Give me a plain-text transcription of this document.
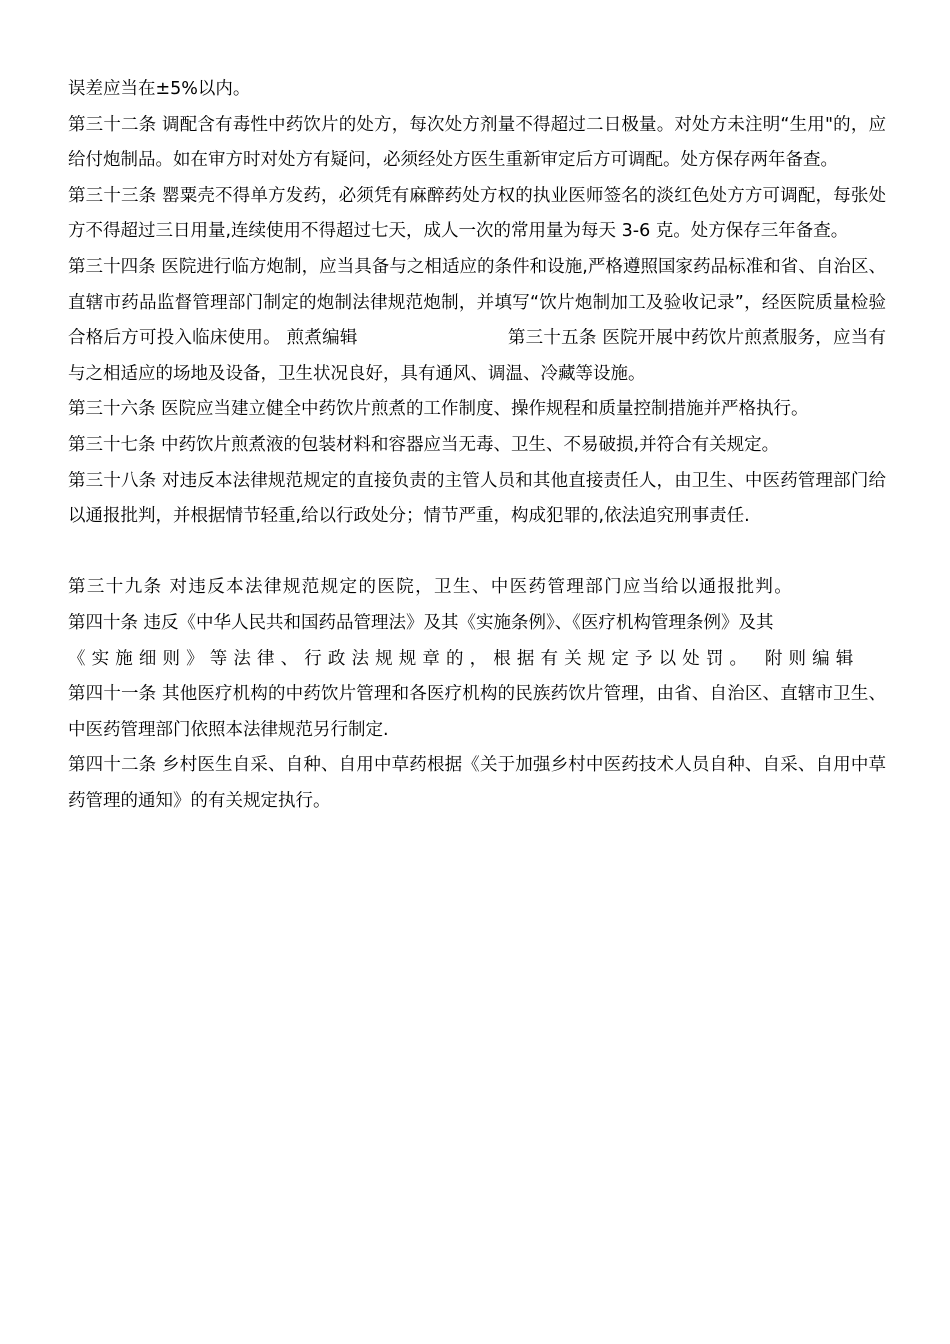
误差应当在±5%以内。

第三十二条 调配含有毒性中药饮片的处方，每次处方剂量不得超过二日极量。对处方未注明“生用"的，应给付炮制品。如在审方时对处方有疑问，必须经处方医生重新审定后方可调配。处方保存两年备查。

第三十三条 罂粟壳不得单方发药，必须凭有麻醉药处方权的执业医师签名的淡红色处方方可调配，每张处方不得超过三日用量,连续使用不得超过七天，成人一次的常用量为每天 3-6 克。处方保存三年备查。

第三十四条 医院进行临方炮制，应当具备与之相适应的条件和设施,严格遵照国家药品标准和省、自治区、直辖市药品监督管理部门制定的炮制法律规范炮制，并填写“饮片炮制加工及验收记录”，经医院质量检验合格后方可投入临床使用。 煎煮编辑	第三十五条 医院开展中药饮片煎煮服务，应当有与之相适应的场地及设备，卫生状况良好，具有通风、调温、冷藏等设施。

第三十六条 医院应当建立健全中药饮片煎煮的工作制度、操作规程和质量控制措施并严格执行。

第三十七条 中药饮片煎煮液的包装材料和容器应当无毒、卫生、不易破损,并符合有关规定。

第三十八条 对违反本法律规范规定的直接负责的主管人员和其他直接责任人，由卫生、中医药管理部门给以通报批判，并根据情节轻重,给以行政处分；情节严重，构成犯罪的,依法追究刑事责任.

第三十九条 对违反本法律规范规定的医院，卫生、中医药管理部门应当给以通报批判。

第四十条 违反《中华人民共和国药品管理法》及其《实施条例》、《医疗机构管理条例》及其

《实施细则》等法律、行政法规规章的，根据有关规定予以处罚。 附则编辑

第四十一条 其他医疗机构的中药饮片管理和各医疗机构的民族药饮片管理，由省、自治区、直辖市卫生、中医药管理部门依照本法律规范另行制定.

第四十二条 乡村医生自采、自种、自用中草药根据《关于加强乡村中医药技术人员自种、自采、自用中草药管理的通知》的有关规定执行。
